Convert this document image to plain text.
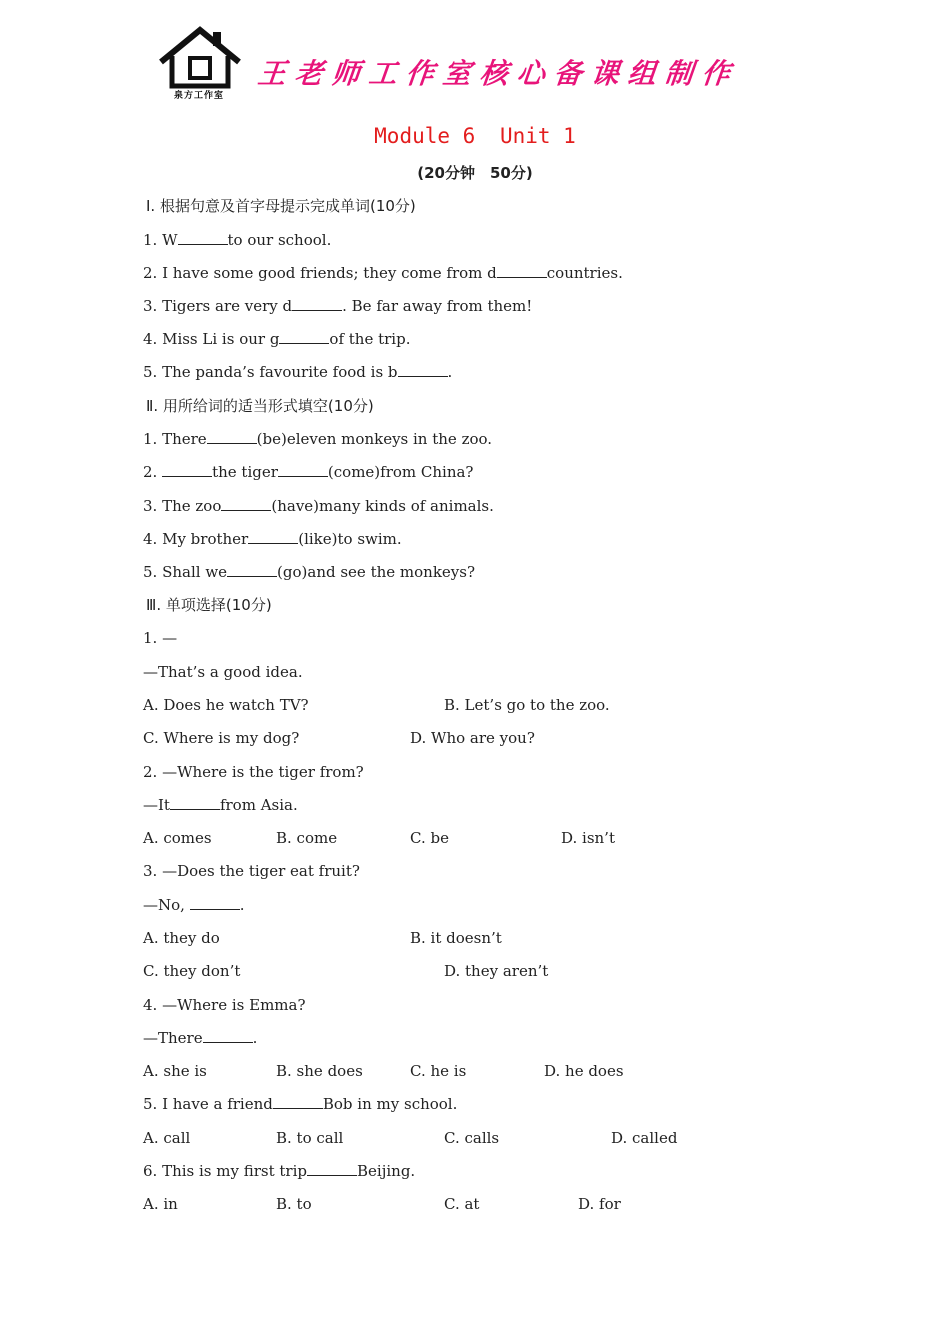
泉方工作室
王老师工作室核心备课组制作
Module 6 Unit 1
(20分钟　50分)
Ⅰ. 根据句意及首字母提示完成单词(10分)
1. W	to our school.
2. I have some good friends; they come from d	countries.
3. Tigers are very d	. Be far away from them!
4. Miss Li is our g	of the trip.
5. The panda’s favourite food is b	.
Ⅱ. 用所给词的适当形式填空(10分)
1. There	(be)eleven monkeys in the zoo.
2.	the tiger	(come)from China?
3. The zoo	(have)many kinds of animals.
4. My brother	(like)to swim.
5. Shall we	(go)and see the monkeys?
Ⅲ. 单项选择(10分)
1. —
—That’s a good idea.
A. Does he watch TV?	B. Let’s go to the zoo.
C. Where is my dog?	D. Who are you?
2. —Where is the tiger from?
—It	from Asia.
A. comes	B. come	C. be	D. isn’t
3. —Does the tiger eat fruit?
—No,	.
A. they do	B. it doesn’t
C. they don’t	D. they aren’t
4. —Where is Emma?
—There	.
A. she is	B. she does	C. he is	D. he does
5. I have a friend	Bob in my school.
A. call	B. to call	C. calls	D. called
6. This is my first trip	Beijing.
A. in	B. to	C. at	D. for
